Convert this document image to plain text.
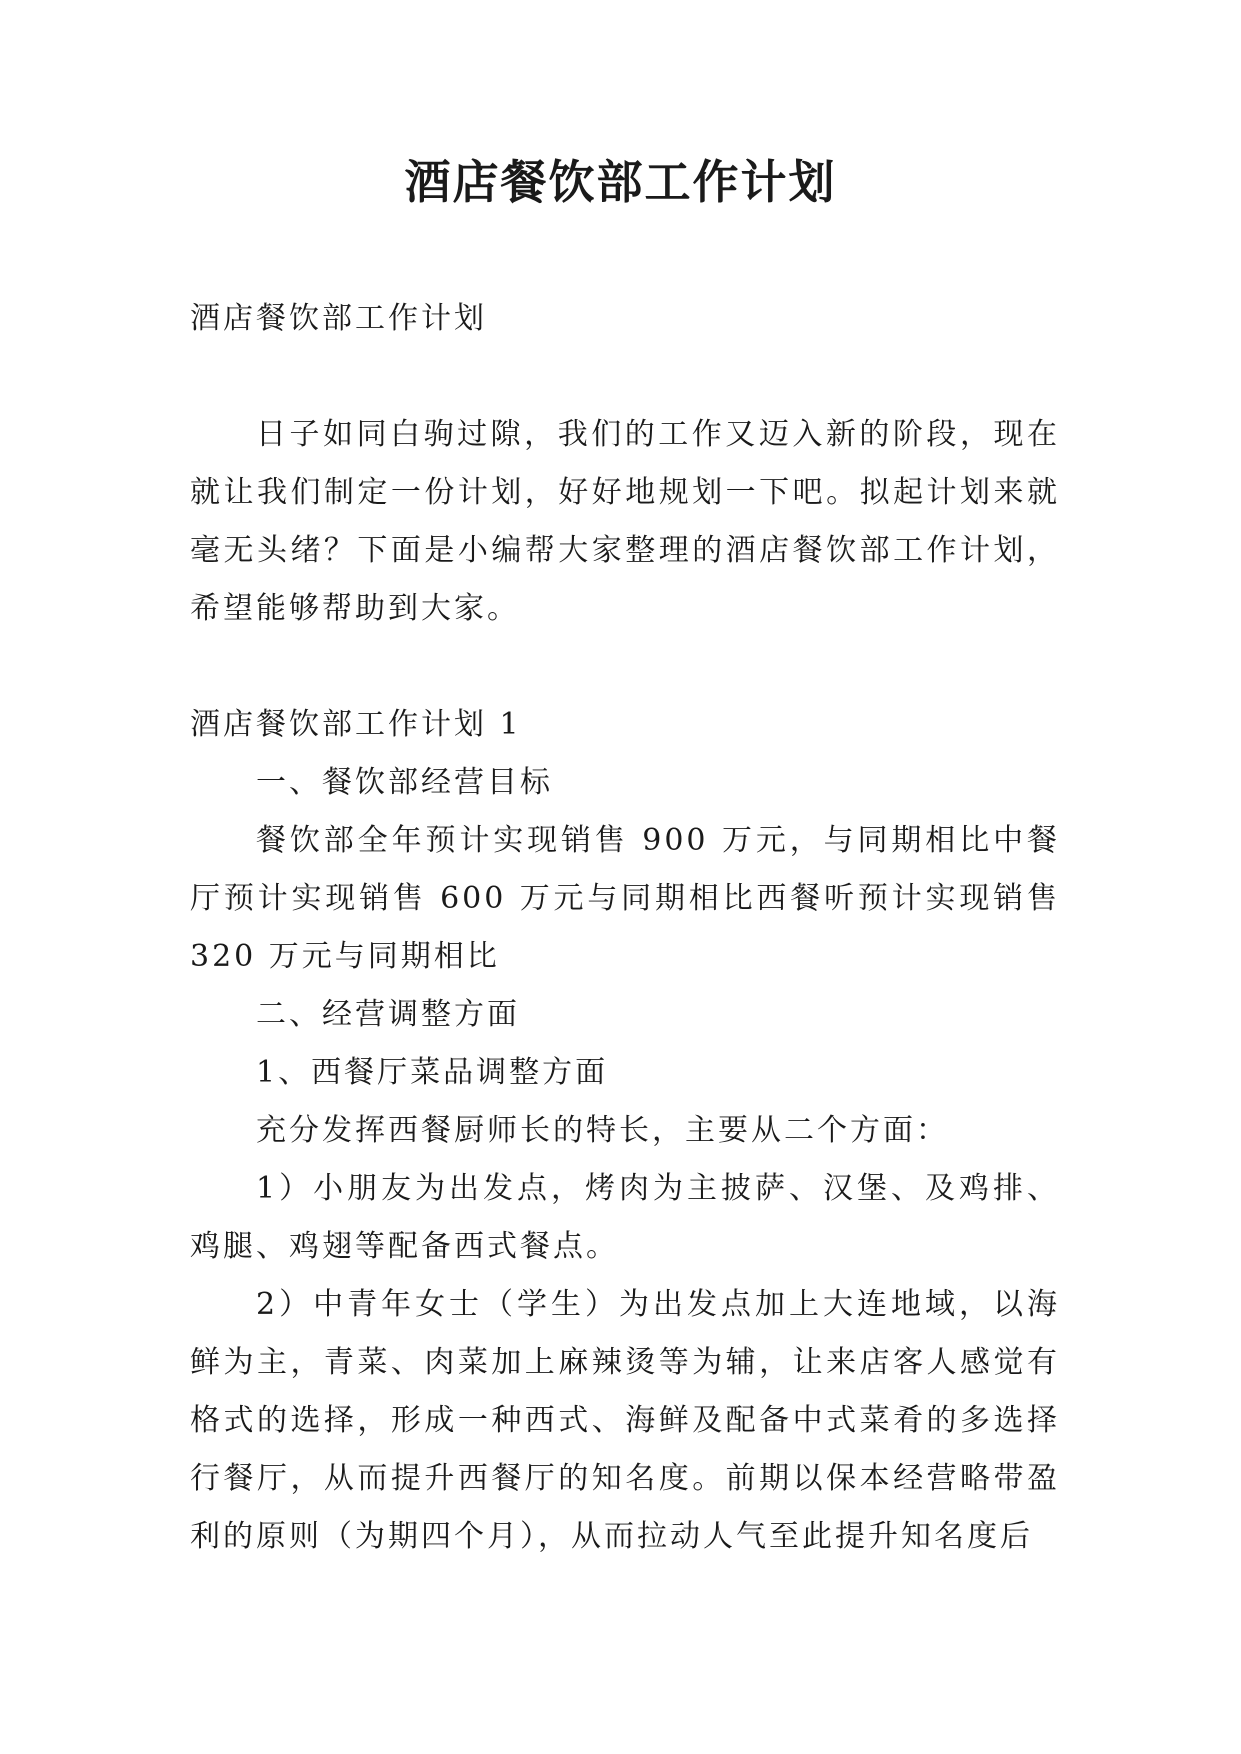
酒店餐饮部工作计划

酒店餐饮部工作计划

日子如同白驹过隙，我们的工作又迈入新的阶段，现在就让我们制定一份计划，好好地规划一下吧。拟起计划来就毫无头绪？下面是小编帮大家整理的酒店餐饮部工作计划，希望能够帮助到大家。

酒店餐饮部工作计划 1

一、餐饮部经营目标

餐饮部全年预计实现销售 900 万元，与同期相比中餐厅预计实现销售 600 万元与同期相比西餐听预计实现销售 320 万元与同期相比

二、经营调整方面

1、西餐厅菜品调整方面

充分发挥西餐厨师长的特长，主要从二个方面：

1）小朋友为出发点，烤肉为主披萨、汉堡、及鸡排、鸡腿、鸡翅等配备西式餐点。

2）中青年女士（学生）为出发点加上大连地域，以海鲜为主，青菜、肉菜加上麻辣烫等为辅，让来店客人感觉有格式的选择，形成一种西式、海鲜及配备中式菜肴的多选择行餐厅，从而提升西餐厅的知名度。前期以保本经营略带盈利的原则（为期四个月），从而拉动人气至此提升知名度后
